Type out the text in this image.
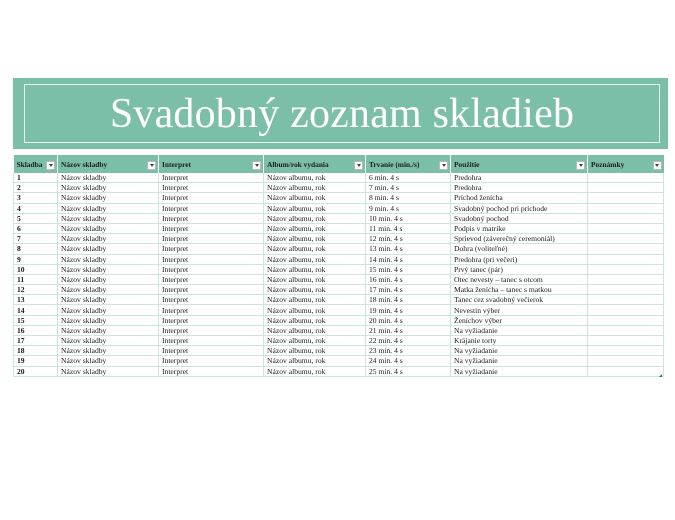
Svadobný zoznam skladieb
Skladba	Názov skladby	Interpret	Album/rok vydania	Trvanie (min./s)	Použitie	Poznámky

1	Názov skladby	Interpret	Názov albumu, rok	6 min. 4 s	Predohra	
2	Názov skladby	Interpret	Názov albumu, rok	7 min. 4 s	Predohra	
3	Názov skladby	Interpret	Názov albumu, rok	8 min. 4 s	Príchod ženícha	
4	Názov skladby	Interpret	Názov albumu, rok	9 min. 4 s	Svadobný pochod pri príchode	
5	Názov skladby	Interpret	Názov albumu, rok	10 min. 4 s	Svadobný pochod	
6	Názov skladby	Interpret	Názov albumu, rok	11 min. 4 s	Podpis v matrike	
7	Názov skladby	Interpret	Názov albumu, rok	12 min. 4 s	Sprievod (záverečný ceremoniál)	
8	Názov skladby	Interpret	Názov albumu, rok	13 min. 4 s	Dohra (voliteľné)	
9	Názov skladby	Interpret	Názov albumu, rok	14 min. 4 s	Predohra (pri večeri)	
10	Názov skladby	Interpret	Názov albumu, rok	15 min. 4 s	Prvý tanec (pár)	
11	Názov skladby	Interpret	Názov albumu, rok	16 min. 4 s	Otec nevesty – tanec s otcom	
12	Názov skladby	Interpret	Názov albumu, rok	17 min. 4 s	Matka ženícha – tanec s matkou	
13	Názov skladby	Interpret	Názov albumu, rok	18 min. 4 s	Tanec cez svadobný večierok	
14	Názov skladby	Interpret	Názov albumu, rok	19 min. 4 s	Nevestin výber	
15	Názov skladby	Interpret	Názov albumu, rok	20 min. 4 s	Ženíchov výber	
16	Názov skladby	Interpret	Názov albumu, rok	21 min. 4 s	Na vyžiadanie	
17	Názov skladby	Interpret	Názov albumu, rok	22 min. 4 s	Krájanie torty	
18	Názov skladby	Interpret	Názov albumu, rok	23 min. 4 s	Na vyžiadanie	
19	Názov skladby	Interpret	Názov albumu, rok	24 min. 4 s	Na vyžiadanie	
20	Názov skladby	Interpret	Názov albumu, rok	25 min. 4 s	Na vyžiadanie	
